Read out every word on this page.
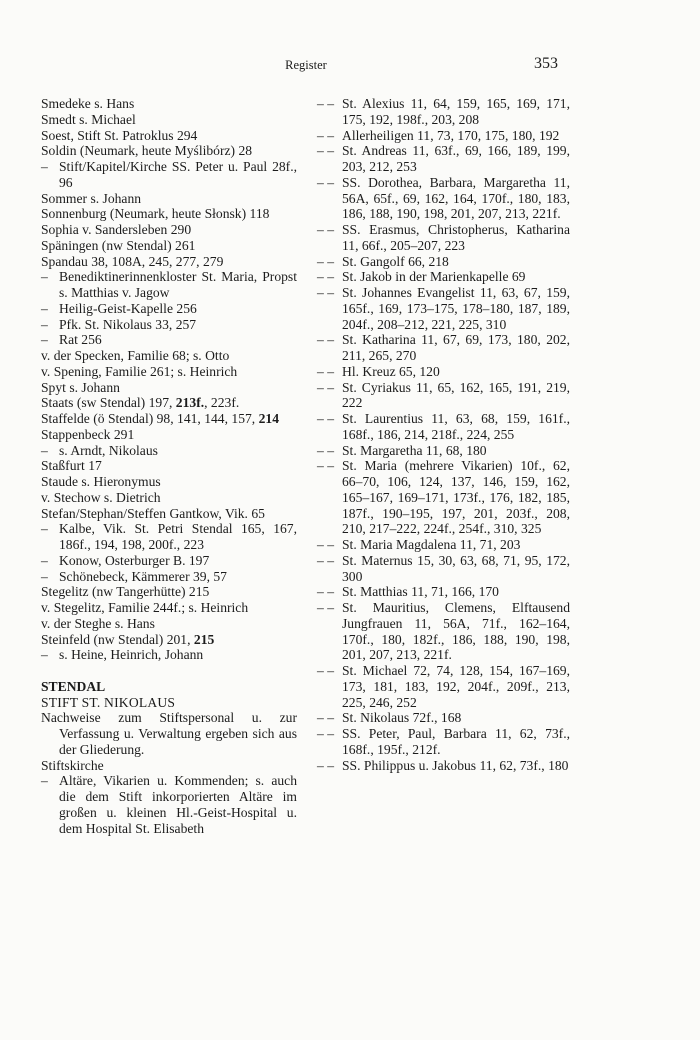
Register	353
Smedeke s. Hans
Smedt s. Michael
Soest, Stift St. Patroklus 294
Soldin (Neumark, heute Myślibórz) 28
– Stift/Kapitel/Kirche SS. Peter u. Paul 28f., 96
Sommer s. Johann
Sonnenburg (Neumark, heute Słonsk) 118
Sophia v. Sandersleben 290
Späningen (nw Stendal) 261
Spandau 38, 108A, 245, 277, 279
– Benediktinerinnenkloster St. Maria, Propst s. Matthias v. Jagow
– Heilig-Geist-Kapelle 256
– Pfk. St. Nikolaus 33, 257
– Rat 256
v. der Specken, Familie 68; s. Otto
v. Spening, Familie 261; s. Heinrich
Spyt s. Johann
Staats (sw Stendal) 197, 213f., 223f.
Staffelde (ö Stendal) 98, 141, 144, 157, 214
Stappenbeck 291
– s. Arndt, Nikolaus
Staßfurt 17
Staude s. Hieronymus
v. Stechow s. Dietrich
Stefan/Stephan/Steffen Gantkow, Vik. 65
– Kalbe, Vik. St. Petri Stendal 165, 167, 186f., 194, 198, 200f., 223
– Konow, Osterburger B. 197
– Schönebeck, Kämmerer 39, 57
Stegelitz (nw Tangerhütte) 215
v. Stegelitz, Familie 244f.; s. Heinrich
v. der Steghe s. Hans
Steinfeld (nw Stendal) 201, 215
– s. Heine, Heinrich, Johann
STENDAL
STIFT ST. NIKOLAUS
Nachweise zum Stiftspersonal u. zur Verfassung u. Verwaltung ergeben sich aus der Gliederung.
Stiftskirche
– Altäre, Vikarien u. Kommenden; s. auch die dem Stift inkorporierten Altäre im großen u. kleinen Hl.-Geist-Hospital u. dem Hospital St. Elisabeth
– – St. Alexius 11, 64, 159, 165, 169, 171, 175, 192, 198f., 203, 208
– – Allerheiligen 11, 73, 170, 175, 180, 192
– – St. Andreas 11, 63f., 69, 166, 189, 199, 203, 212, 253
– – SS. Dorothea, Barbara, Margaretha 11, 56A, 65f., 69, 162, 164, 170f., 180, 183, 186, 188, 190, 198, 201, 207, 213, 221f.
– – SS. Erasmus, Christopherus, Katharina 11, 66f., 205–207, 223
– – St. Gangolf 66, 218
– – St. Jakob in der Marienkapelle 69
– – St. Johannes Evangelist 11, 63, 67, 159, 165f., 169, 173–175, 178–180, 187, 189, 204f., 208–212, 221, 225, 310
– – St. Katharina 11, 67, 69, 173, 180, 202, 211, 265, 270
– – Hl. Kreuz 65, 120
– – St. Cyriakus 11, 65, 162, 165, 191, 219, 222
– – St. Laurentius 11, 63, 68, 159, 161f., 168f., 186, 214, 218f., 224, 255
– – St. Margaretha 11, 68, 180
– – St. Maria (mehrere Vikarien) 10f., 62, 66–70, 106, 124, 137, 146, 159, 162, 165–167, 169–171, 173f., 176, 182, 185, 187f., 190–195, 197, 201, 203f., 208, 210, 217–222, 224f., 254f., 310, 325
– – St. Maria Magdalena 11, 71, 203
– – St. Maternus 15, 30, 63, 68, 71, 95, 172, 300
– – St. Matthias 11, 71, 166, 170
– – St. Mauritius, Clemens, Elftausend Jungfrauen 11, 56A, 71f., 162–164, 170f., 180, 182f., 186, 188, 190, 198, 201, 207, 213, 221f.
– – St. Michael 72, 74, 128, 154, 167–169, 173, 181, 183, 192, 204f., 209f., 213, 225, 246, 252
– – St. Nikolaus 72f., 168
– – SS. Peter, Paul, Barbara 11, 62, 73f., 168f., 195f., 212f.
– – SS. Philippus u. Jakobus 11, 62, 73f., 180
